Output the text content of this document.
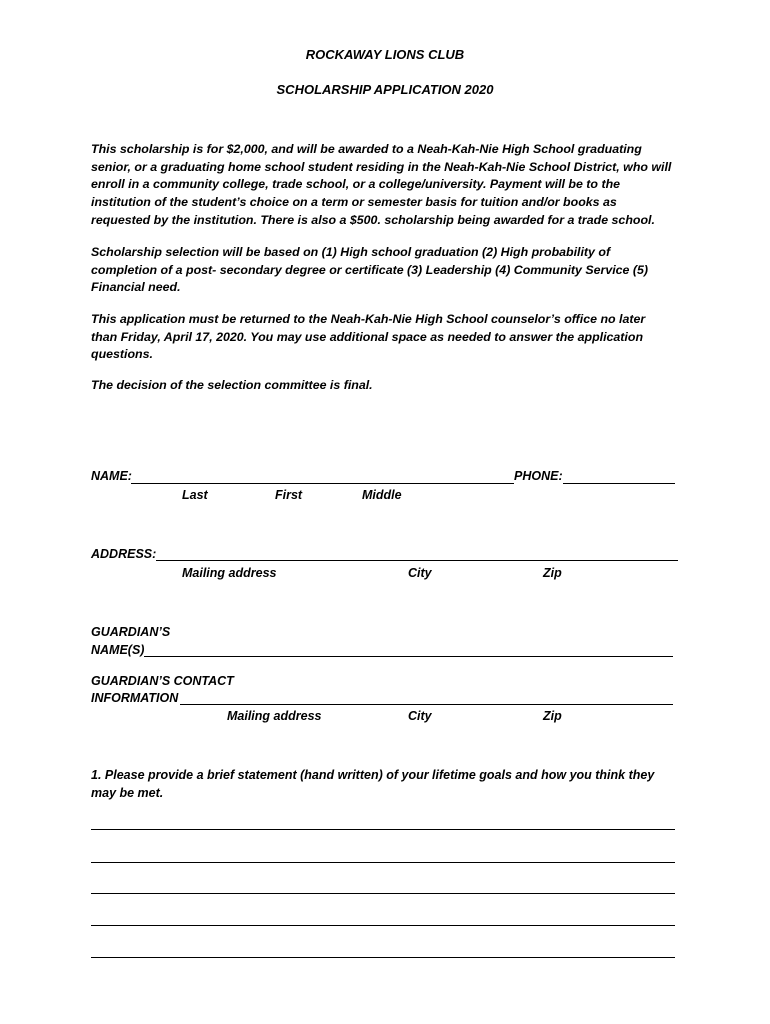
ROCKAWAY LIONS CLUB
SCHOLARSHIP APPLICATION 2020
This scholarship is for $2,000, and will be awarded to a Neah-Kah-Nie High School graduating
senior, or a graduating home school student residing in the Neah-Kah-Nie School District, who will
enroll in a community college, trade school, or a college/university. Payment will be to the
institution of the student’s choice on a term or semester basis for tuition and/or books as
requested by the institution. There is also a $500. scholarship being awarded for a trade school.
Scholarship selection will be based on (1) High school graduation (2) High probability of
completion of a post- secondary degree or certificate (3) Leadership (4) Community Service (5)
Financial need.
This application must be returned to the Neah-Kah-Nie High School counselor’s office no later
than Friday, April 17, 2020. You may use additional space as needed to answer the application
questions.
The decision of the selection committee is final.
NAME:	PHONE:
Last	First	Middle
ADDRESS:
Mailing address	City	Zip
GUARDIAN’S
NAME(S)
GUARDIAN’S CONTACT
INFORMATION
Mailing address	City	Zip
1. Please provide a brief statement (hand written) of your lifetime goals and how you think they
may be met.
